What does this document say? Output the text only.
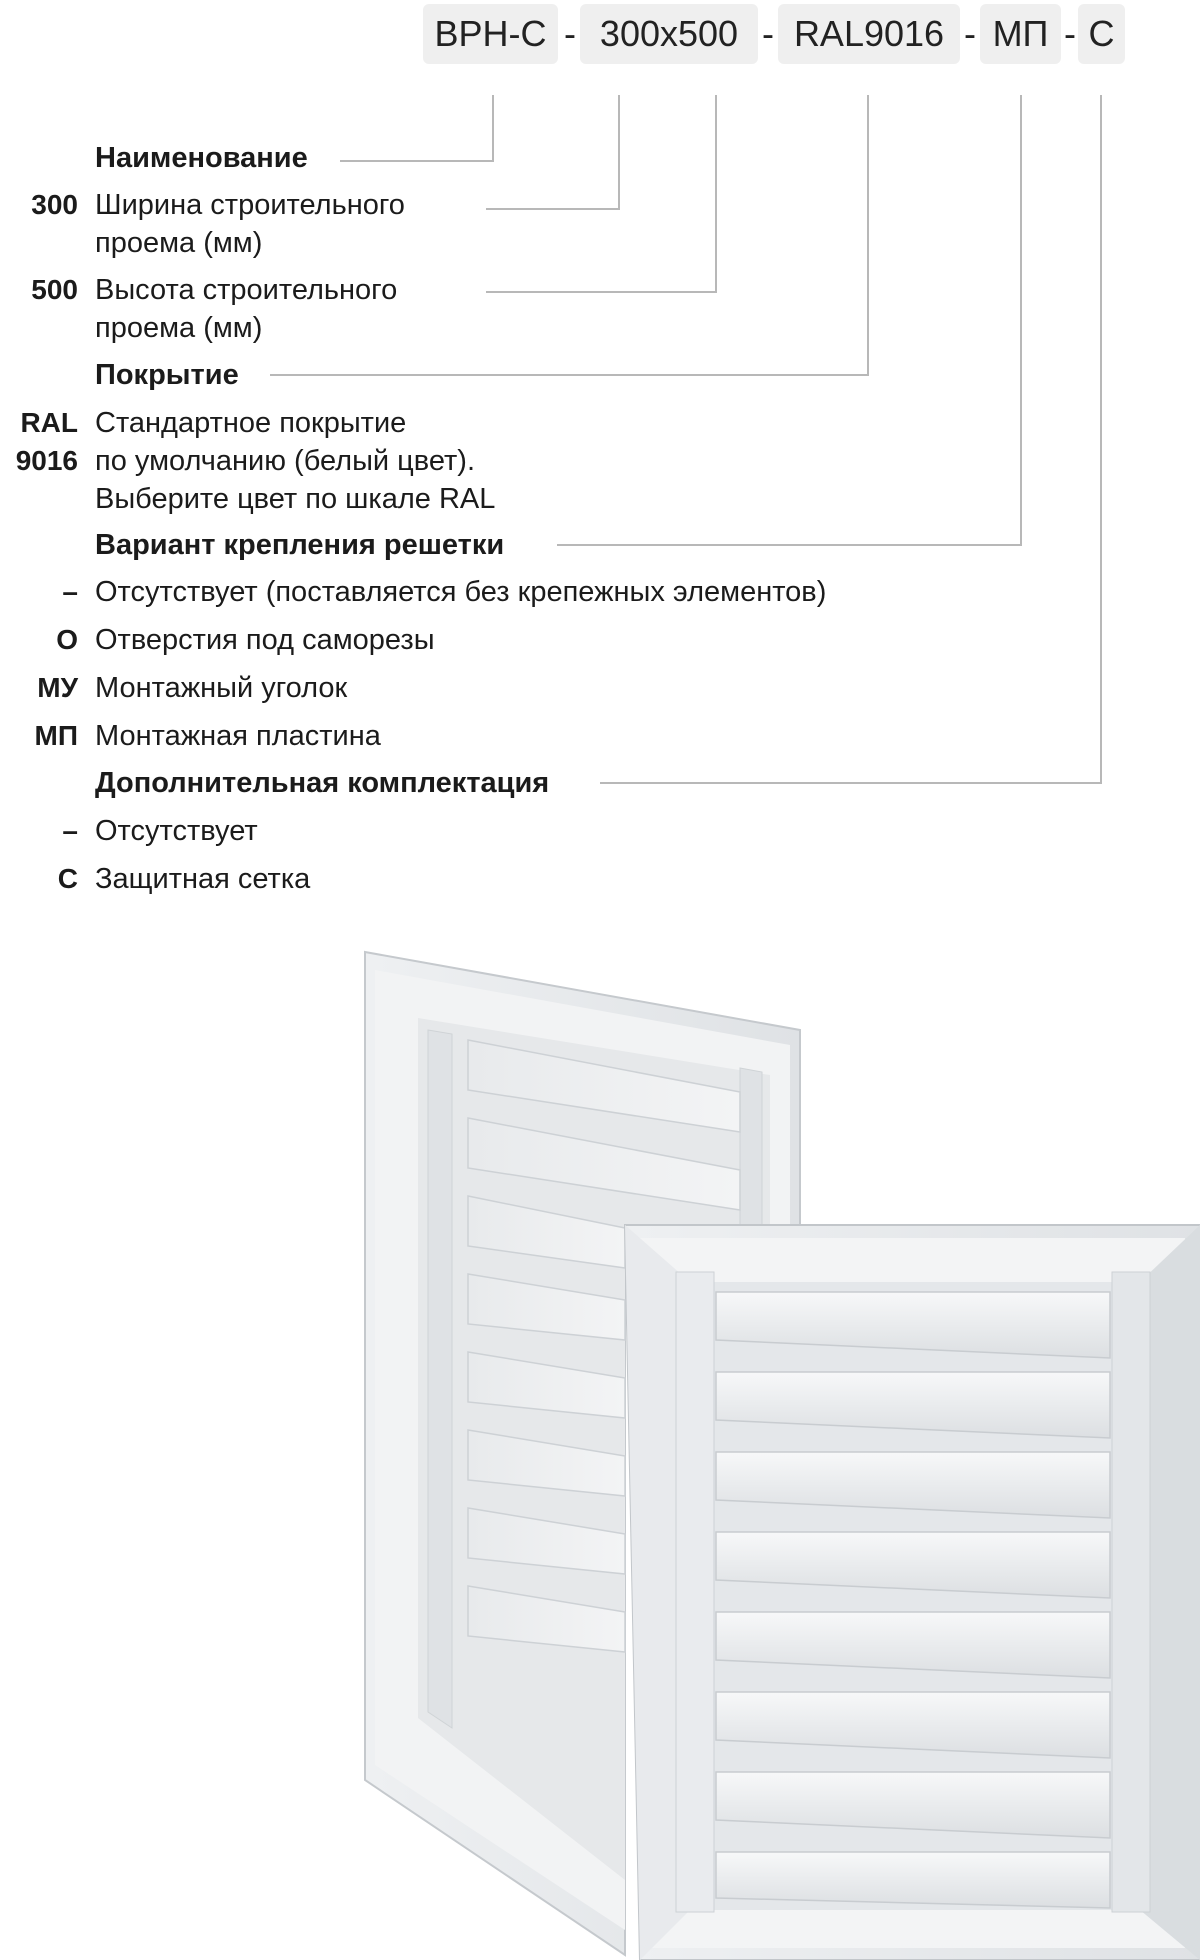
ВРН-С - 300х500 - RAL9016 - МП - С
Наименование
300 Ширина строительного
проема (мм)
500 Высота строительного
проема (мм)
Покрытие
RAL
9016
Стандартное покрытие
по умолчанию (белый цвет).
Выберите цвет по шкале RAL
Вариант крепления решетки
– Отсутствует (поставляется без крепежных элементов)
О Отверстия под саморезы
МУ Монтажный уголок
МП Монтажная пластина
Дополнительная комплектация
– Отсутствует
С Защитная сетка
